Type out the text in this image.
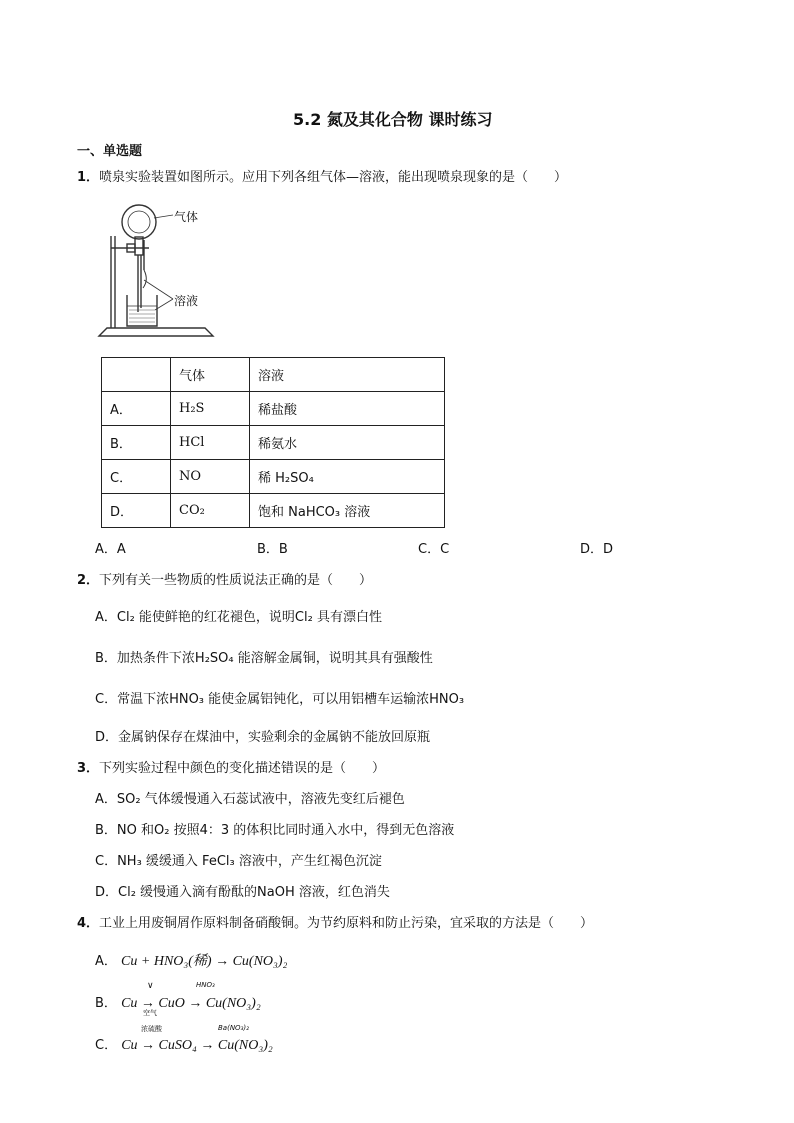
5.2 氮及其化合物 课时练习
一、单选题
1．喷泉实验装置如图所示。应用下列各组气体—溶液，能出现喷泉现象的是（　　）
气体
溶液
	气体	溶液
A．	H₂S	稀盐酸
B．	HCl	稀氨水
C．	NO	稀 H₂SO₄
D．	CO₂	饱和 NaHCO₃ 溶液
A．A	B．B	C．C	D．D
2．下列有关一些物质的性质说法正确的是（　　）
A．Cl₂ 能使鲜艳的红花褪色，说明Cl₂ 具有漂白性
B．加热条件下浓H₂SO₄ 能溶解金属铜，说明其具有强酸性
C．常温下浓HNO₃ 能使金属铝钝化，可以用铝槽车运输浓HNO₃
D．金属钠保存在煤油中，实验剩余的金属钠不能放回原瓶
3．下列实验过程中颜色的变化描述错误的是（　　）
A．SO₂ 气体缓慢通入石蕊试液中，溶液先变红后褪色
B．NO 和O₂ 按照4：3 的体积比同时通入水中，得到无色溶液
C．NH₃ 缓缓通入 FeCl₃ 溶液中，产生红褐色沉淀
D．Cl₂ 缓慢通入滴有酚酞的NaOH 溶液，红色消失
4．工业上用废铜屑作原料制备硝酸铜。为节约原料和防止污染，宜采取的方法是（　　）
A． Cu + HNO₃(稀) → Cu(NO₃)₂
B． Cu → CuO → Cu(NO₃)₂
∨
空气
HNO₃
C． Cu → CuSO₄ → Cu(NO₃)₂
浓硫酸	Ba(NO₃)₂
